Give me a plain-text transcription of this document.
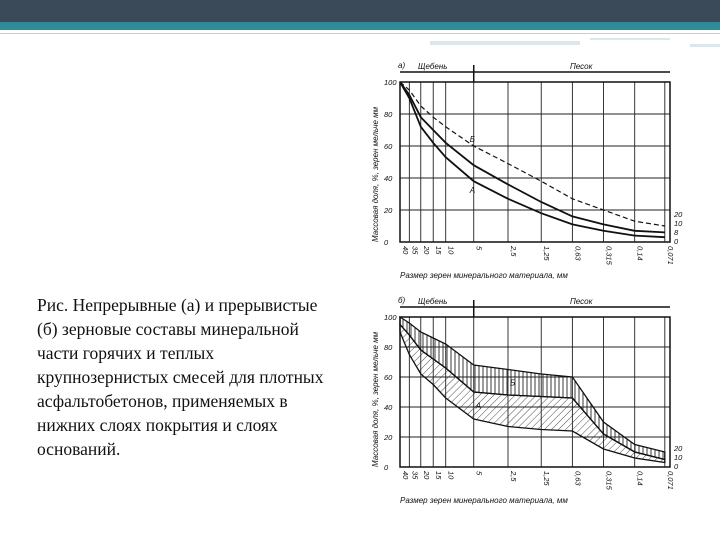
Рис. Непрерывные (а) и прерывистые (б) зерновые составы минеральной части горячих и теплых крупнозернистых смесей для плотных асфальтобетонов, применяемых в нижних слоях покрытия и слоях оснований.
а) Щебень	Песок
0
20
40
60
80
100
40 35 20 15 10	5	2,5	1,25	0,63	0,315	0,14	0,071
20
10
8
0
Массовая доля, %, зерен мельче мм
Размер зерен минерального материала, мм
Б
А
б) Щебень	Песок
0
20
40
60
80
100
40 35 20 15 10	5	2,5	1,25	0,63	0,315	0,14	0,071
20
10
0
Массовая доля, %, зерен мельче мм
Размер зерен минерального материала, мм
Б
А
